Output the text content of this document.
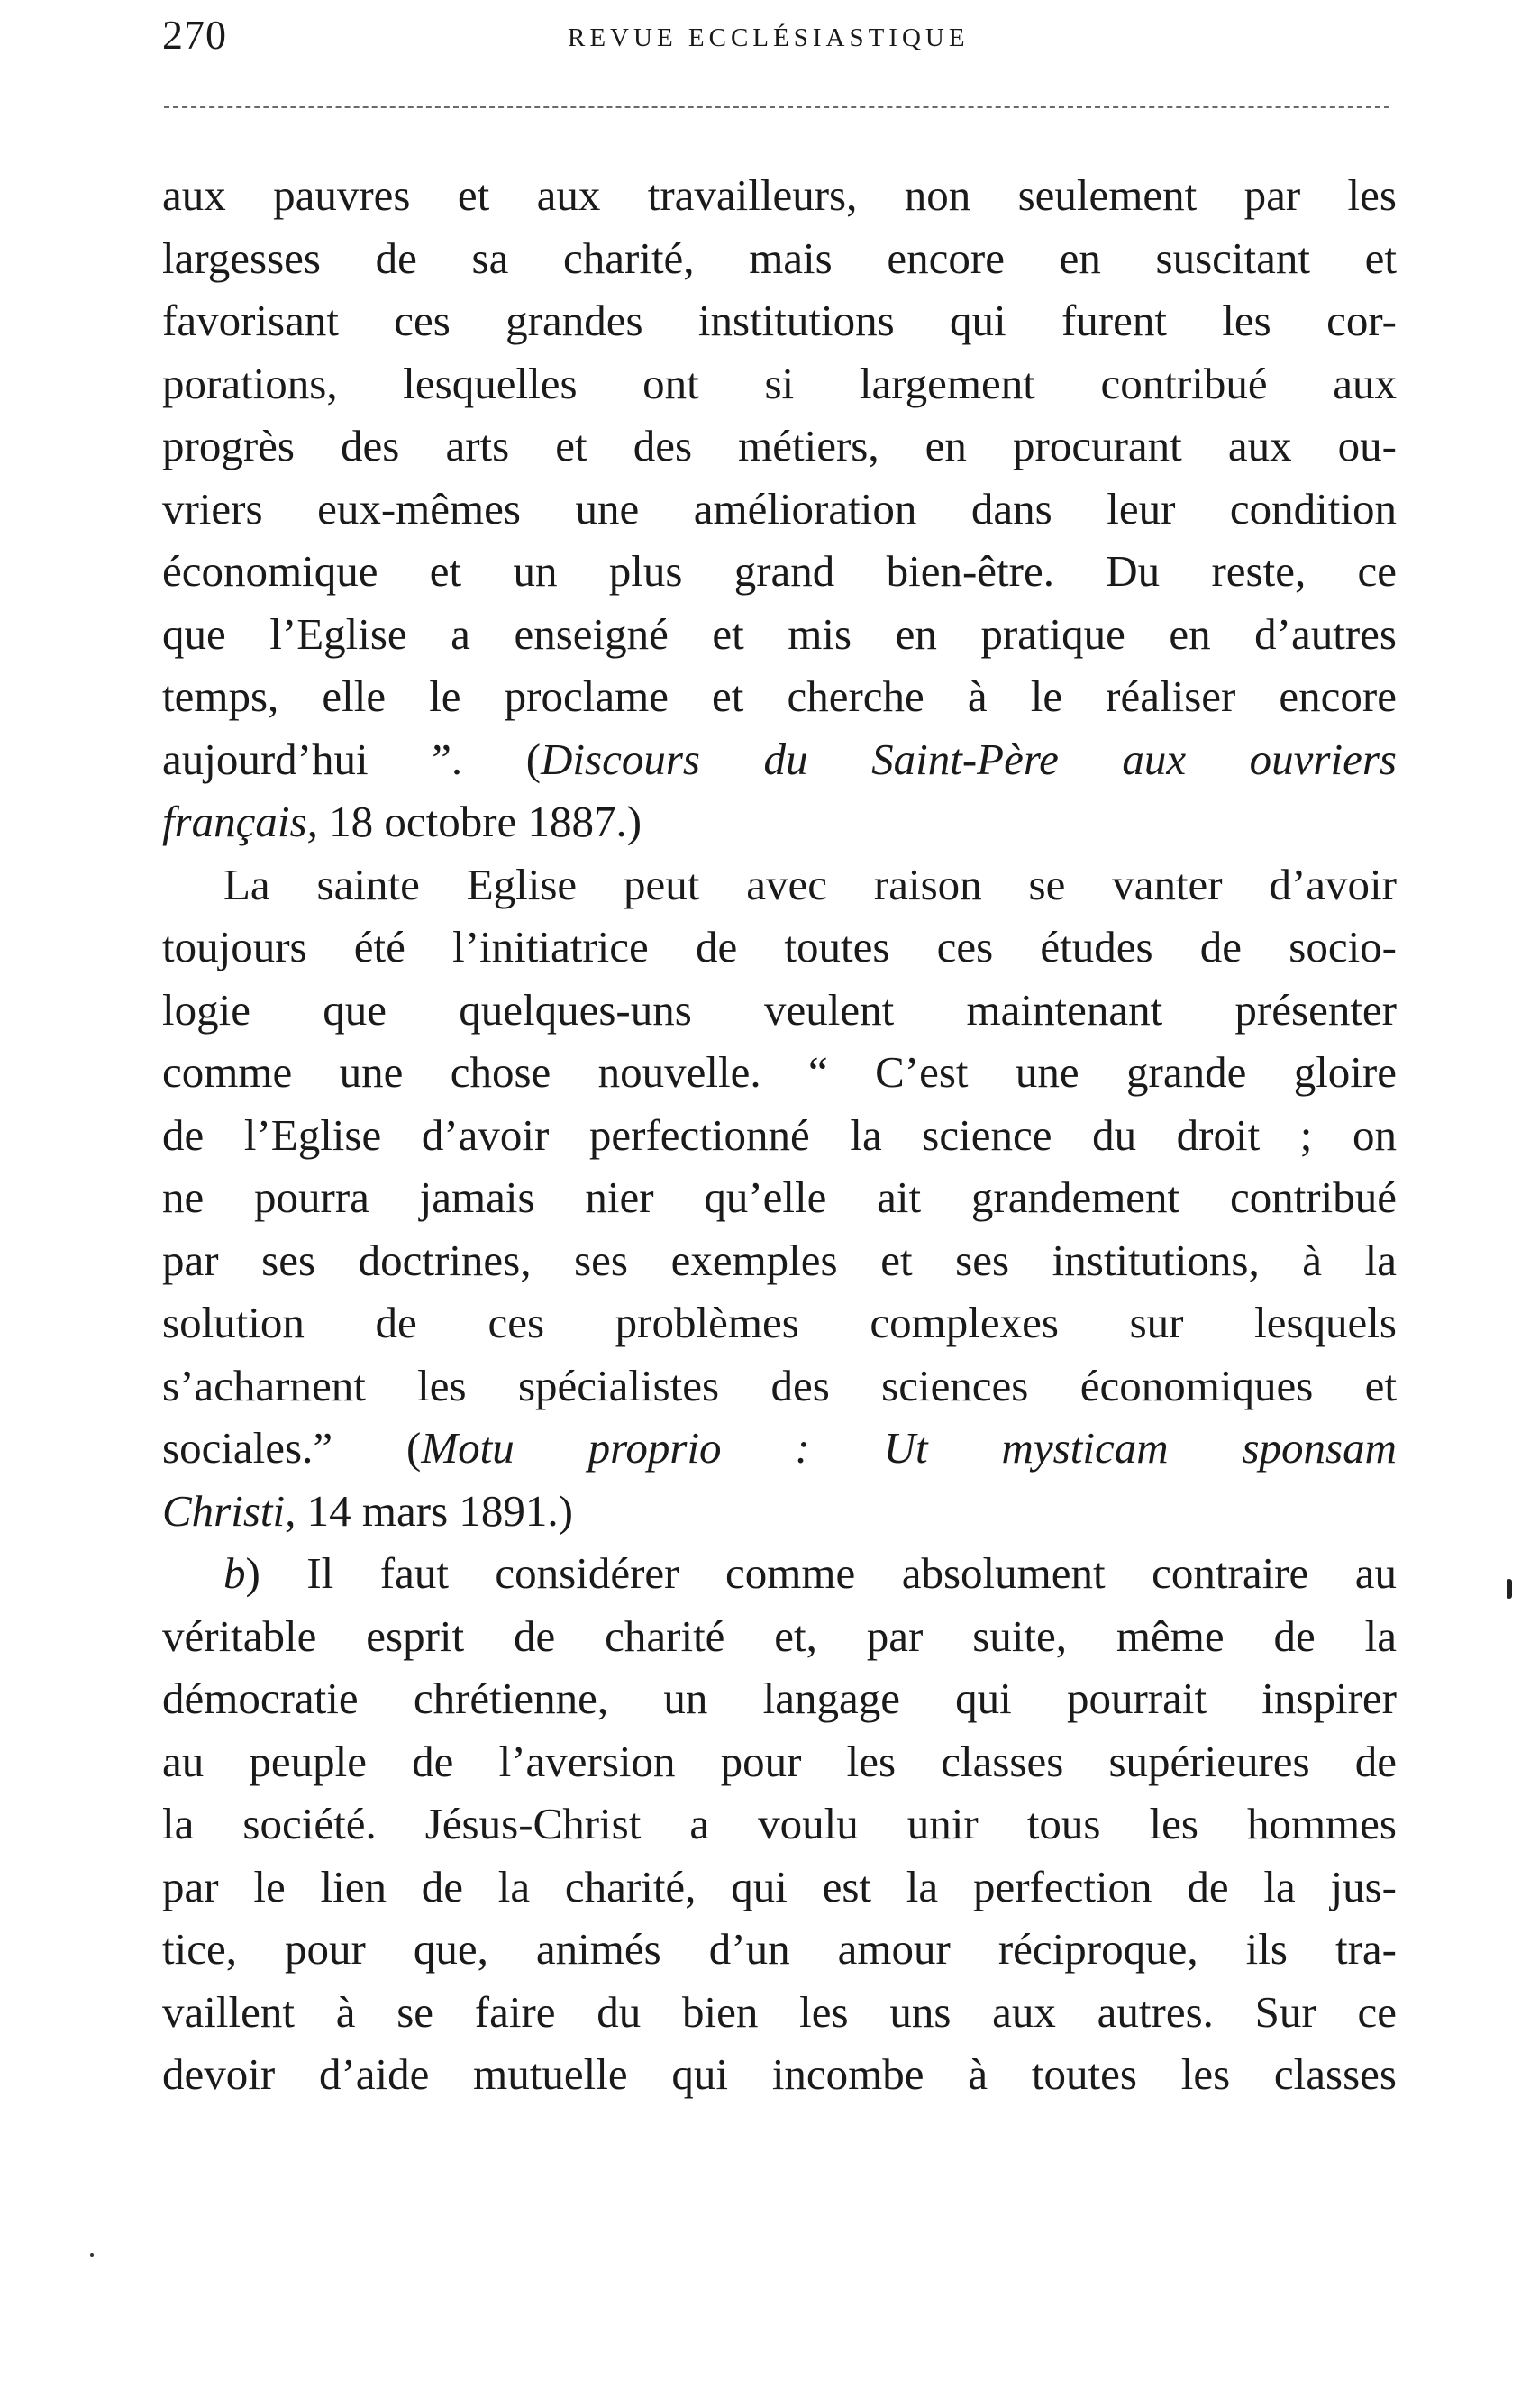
270	REVUE ECCLÉSIASTIQUE

aux pauvres et aux travailleurs, non seulement par les
largesses de sa charité, mais encore en suscitant et
favorisant ces grandes institutions qui furent les cor-
porations, lesquelles ont si largement contribué aux
progrès des arts et des métiers, en procurant aux ou-
vriers eux-mêmes une amélioration dans leur condition
économique et un plus grand bien-être. Du reste, ce
que l’Eglise a enseigné et mis en pratique en d’autres
temps, elle le proclame et cherche à le réaliser encore
aujourd’hui ”. (Discours du Saint-Père aux ouvriers
français, 18 octobre 1887.)

La sainte Eglise peut avec raison se vanter d’avoir
toujours été l’initiatrice de toutes ces études de socio-
logie que quelques-uns veulent maintenant présenter
comme une chose nouvelle. “ C’est une grande gloire
de l’Eglise d’avoir perfectionné la science du droit ; on
ne pourra jamais nier qu’elle ait grandement contribué
par ses doctrines, ses exemples et ses institutions, à la
solution de ces problèmes complexes sur lesquels
s’acharnent les spécialistes des sciences économiques et
sociales.” (Motu proprio : Ut mysticam sponsam
Christi, 14 mars 1891.)

b) Il faut considérer comme absolument contraire au
véritable esprit de charité et, par suite, même de la
démocratie chrétienne, un langage qui pourrait inspirer
au peuple de l’aversion pour les classes supérieures de
la société. Jésus-Christ a voulu unir tous les hommes
par le lien de la charité, qui est la perfection de la jus-
tice, pour que, animés d’un amour réciproque, ils tra-
vaillent à se faire du bien les uns aux autres. Sur ce
devoir d’aide mutuelle qui incombe à toutes les classes
